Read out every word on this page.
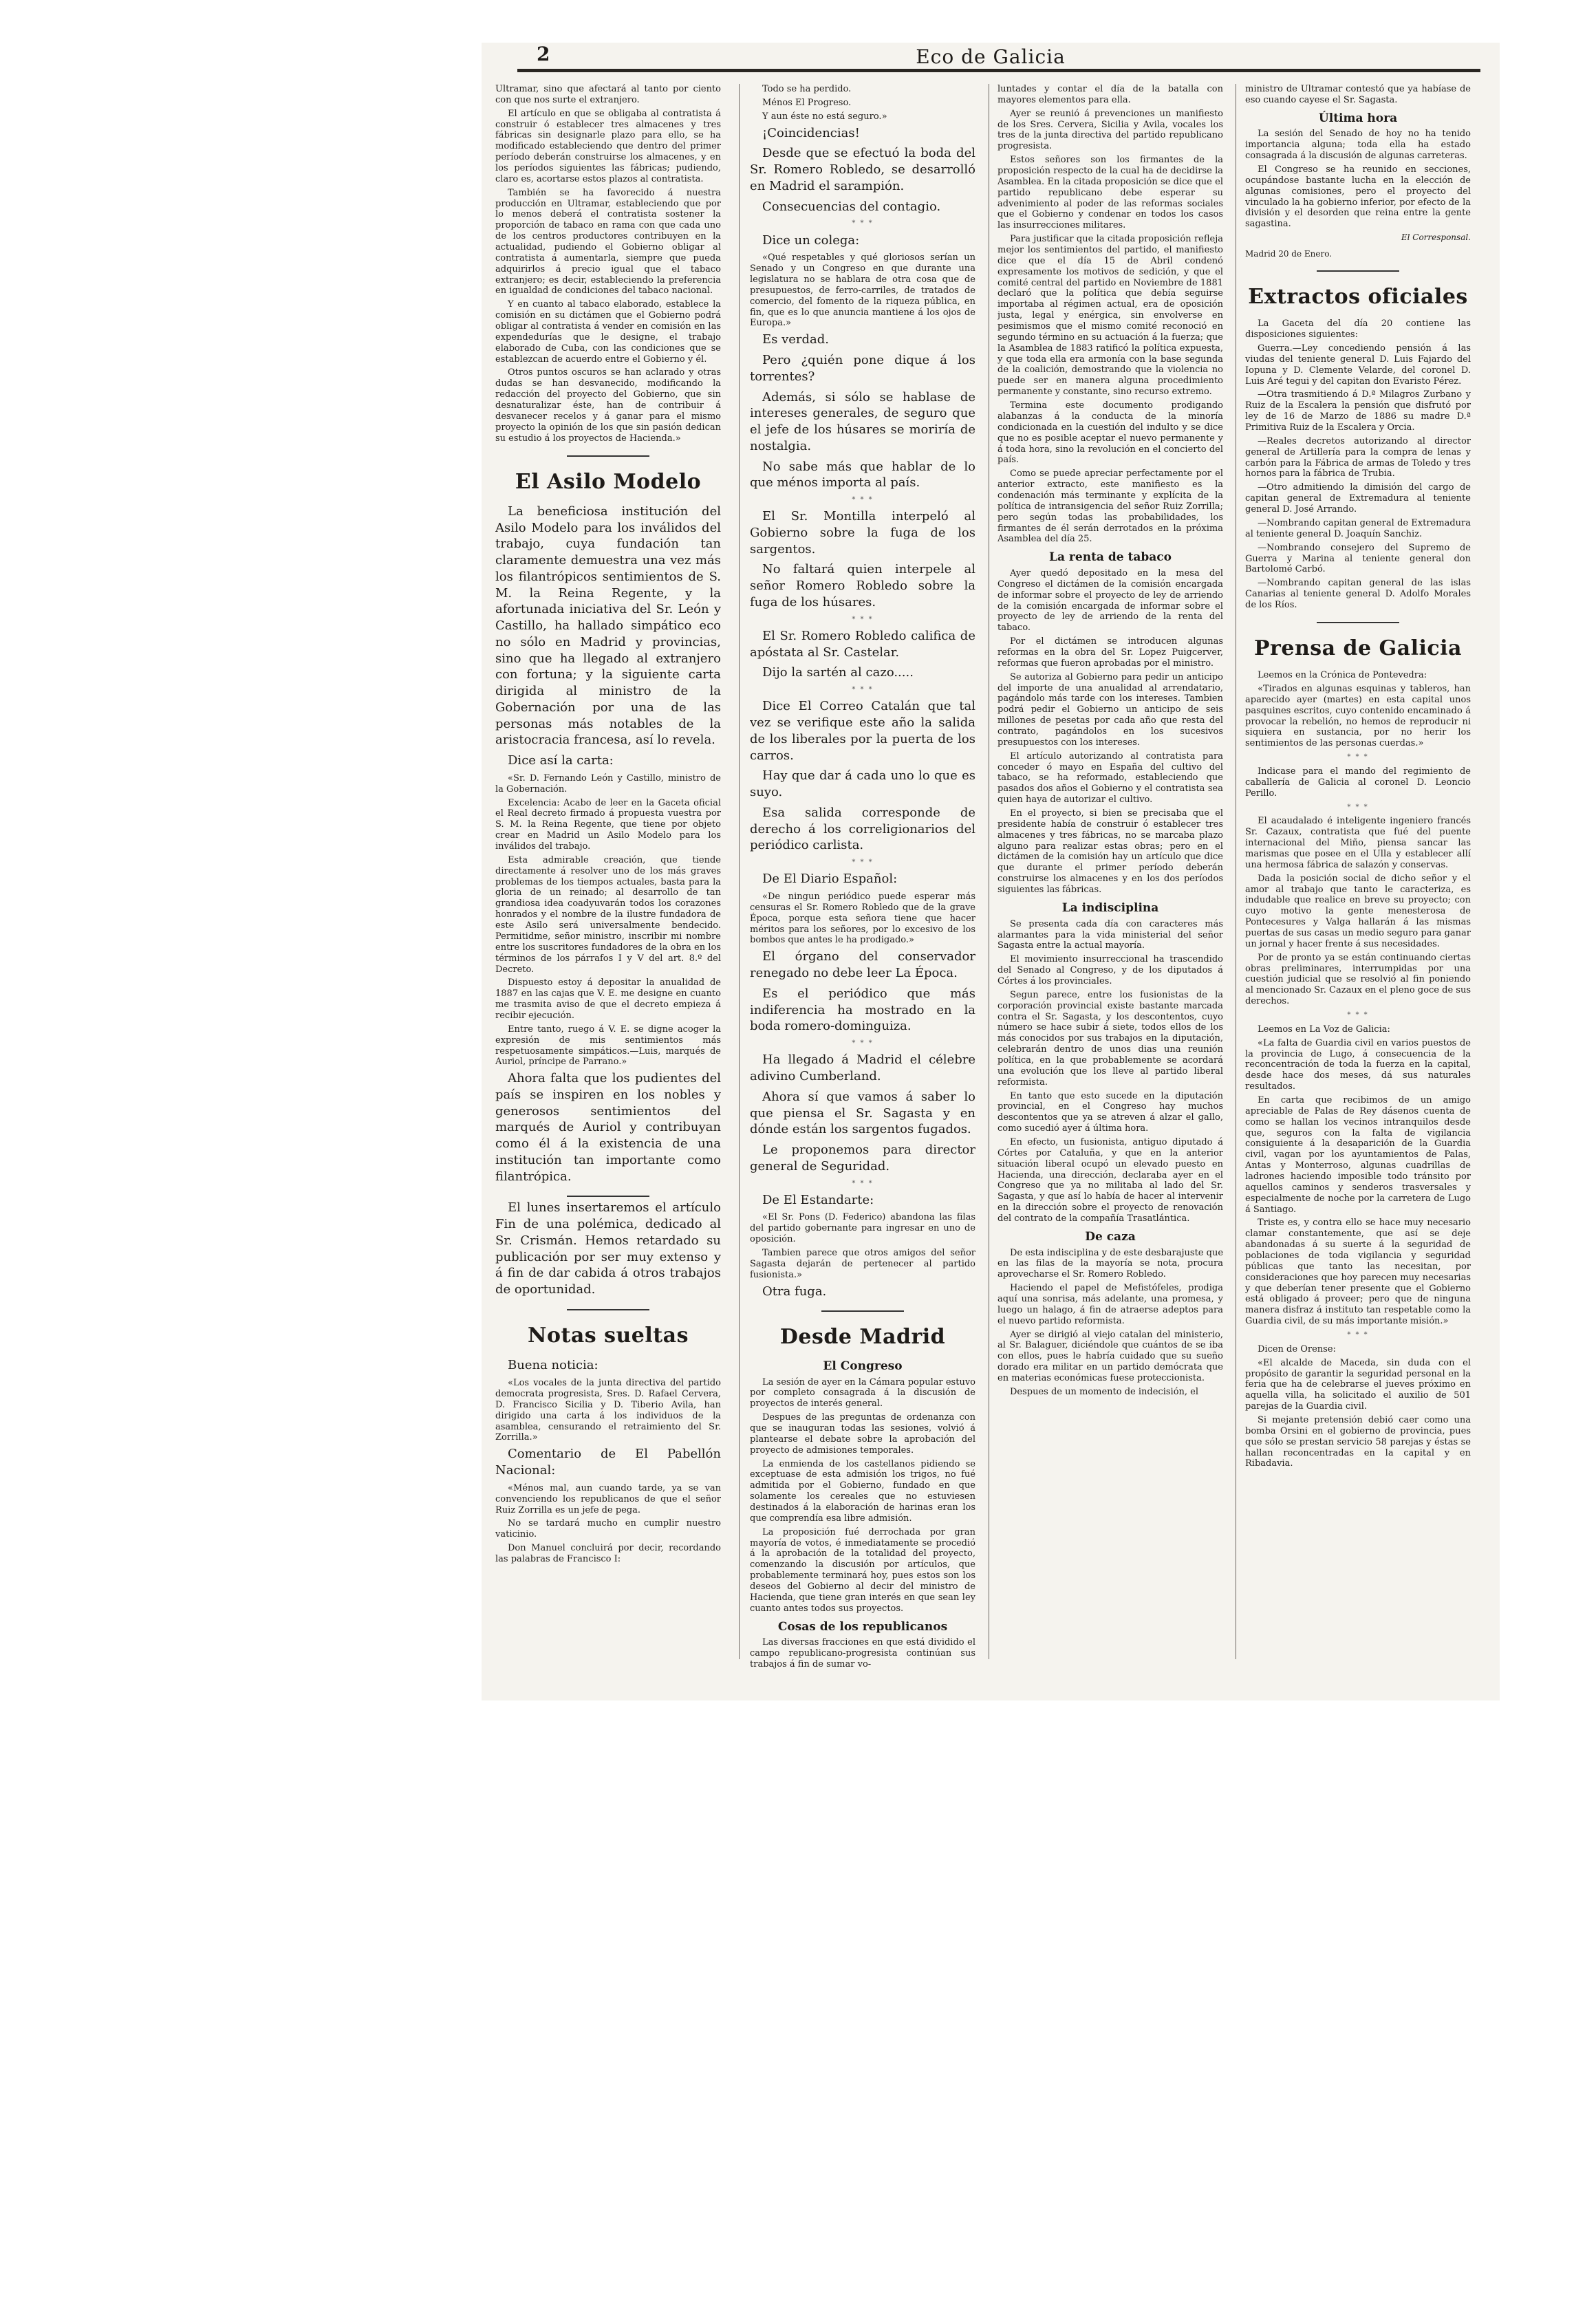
2	Eco de Galicia

Ultramar, sino que afectará al tanto por ciento con que nos surte el extranjero.

El artículo en que se obligaba al contratista á construir ó establecer tres almacenes y tres fábricas sin designarle plazo para ello, se ha modificado estableciendo que dentro del primer período deberán construirse los almacenes, y en los períodos siguientes las fábricas; pudiendo, claro es, acortarse estos plazos al contratista.

También se ha favorecido á nuestra producción en Ultramar, estableciendo que por lo menos deberá el contratista sostener la proporción de tabaco en rama con que cada uno de los centros productores contribuyen en la actualidad, pudiendo el Gobierno obligar al contratista á aumentarla, siempre que pueda adquirirlos á precio igual que el tabaco extranjero; es decir, estableciendo la preferencia en igualdad de condiciones del tabaco nacional.

Y en cuanto al tabaco elaborado, establece la comisión en su dictámen que el Gobierno podrá obligar al contratista á vender en comisión en las expendedurías que le designe, el trabajo elaborado de Cuba, con las condiciones que se establezcan de acuerdo entre el Gobierno y él.

Otros puntos oscuros se han aclarado y otras dudas se han desvanecido, modificando la redacción del proyecto del Gobierno, que sin desnaturalizar éste, han de contribuir á desvanecer recelos y á ganar para el mismo proyecto la opinión de los que sin pasión dedican su estudio á los proyectos de Hacienda.»

El Asilo Modelo

La beneficiosa institución del Asilo Modelo para los inválidos del trabajo, cuya fundación tan claramente demuestra una vez más los filantrópicos sentimientos de S. M. la Reina Regente, y la afortunada iniciativa del Sr. León y Castillo, ha hallado simpático eco no sólo en Madrid y provincias, sino que ha llegado al extranjero con fortuna; y la siguiente carta dirigida al ministro de la Gobernación por una de las personas más notables de la aristocracia francesa, así lo revela.

Dice así la carta:

«Sr. D. Fernando León y Castillo, ministro de la Gobernación.

Excelencia: Acabo de leer en la Gaceta oficial el Real decreto firmado á propuesta vuestra por S. M. la Reina Regente, que tiene por objeto crear en Madrid un Asilo Modelo para los inválidos del trabajo.

Esta admirable creación, que tiende directamente á resolver uno de los más graves problemas de los tiempos actuales, basta para la gloria de un reinado; al desarrollo de tan grandiosa idea coadyuvarán todos los corazones honrados y el nombre de la ilustre fundadora de este Asilo será universalmente bendecido. Permitidme, señor ministro, inscribir mi nombre entre los suscritores fundadores de la obra en los términos de los párrafos I y V del art. 8.º del Decreto.

Dispuesto estoy á depositar la anualidad de 1887 en las cajas que V. E. me designe en cuanto me trasmita aviso de que el decreto empieza á recibir ejecución.

Entre tanto, ruego á V. E. se digne acoger la expresión de mis sentimientos más respetuosamente simpáticos.—Luis, marqués de Auriol, príncipe de Parrano.»

Ahora falta que los pudientes del país se inspiren en los nobles y generosos sentimientos del marqués de Auriol y contribuyan como él á la existencia de una institución tan importante como filantrópica.

El lunes insertaremos el artículo Fin de una polémica, dedicado al Sr. Crismán. Hemos retardado su publicación por ser muy extenso y á fin de dar cabida á otros trabajos de oportunidad.

Notas sueltas

Buena noticia:

«Los vocales de la junta directiva del partido democrata progresista, Sres. D. Rafael Cervera, D. Francisco Sicilia y D. Tiberio Avila, han dirigido una carta á los individuos de la asamblea, censurando el retraimiento del Sr. Zorrilla.»

Comentario de El Pabellón Nacional:

«Ménos mal, aun cuando tarde, ya se van convenciendo los republicanos de que el señor Ruiz Zorrilla es un jefe de pega.

No se tardará mucho en cumplir nuestro vaticinio.

Don Manuel concluirá por decir, recordando las palabras de Francisco I:

Todo se ha perdido.

Ménos El Progreso.

Y aun éste no está seguro.»

¡Coincidencias!

Desde que se efectuó la boda del Sr. Romero Robledo, se desarrolló en Madrid el sarampión.

Consecuencias del contagio.

* * *

Dice un colega:

«Qué respetables y qué gloriosos serían un Senado y un Congreso en que durante una legislatura no se hablara de otra cosa que de presupuestos, de ferro-carriles, de tratados de comercio, del fomento de la riqueza pública, en fin, que es lo que anuncia mantiene á los ojos de Europa.»

Es verdad.

Pero ¿quién pone dique á los torrentes?

Además, si sólo se hablase de intereses generales, de seguro que el jefe de los húsares se moriría de nostalgia.

No sabe más que hablar de lo que ménos importa al país.

* * *

El Sr. Montilla interpeló al Gobierno sobre la fuga de los sargentos.

No faltará quien interpele al señor Romero Robledo sobre la fuga de los húsares.

* * *

El Sr. Romero Robledo califica de apóstata al Sr. Castelar.

Dijo la sartén al cazo.....

* * *

Dice El Correo Catalán que tal vez se verifique este año la salida de los liberales por la puerta de los carros.

Hay que dar á cada uno lo que es suyo.

Esa salida corresponde de derecho á los correligionarios del periódico carlista.

* * *

De El Diario Español:

«De ningun periódico puede esperar más censuras el Sr. Romero Robledo que de la grave Época, porque esta señora tiene que hacer méritos para los señores, por lo excesivo de los bombos que antes le ha prodigado.»

El órgano del conservador renegado no debe leer La Época.

Es el periódico que más indiferencia ha mostrado en la boda romero-dominguiza.

* * *

Ha llegado á Madrid el célebre adivino Cumberland.

Ahora sí que vamos á saber lo que piensa el Sr. Sagasta y en dónde están los sargentos fugados.

Le proponemos para director general de Seguridad.

* * *

De El Estandarte:

«El Sr. Pons (D. Federico) abandona las filas del partido gobernante para ingresar en uno de oposición.

Tambien parece que otros amigos del señor Sagasta dejarán de pertenecer al partido fusionista.»

Otra fuga.

Desde Madrid
El Congreso

La sesión de ayer en la Cámara popular estuvo por completo consagrada á la discusión de proyectos de interés general.

Despues de las preguntas de ordenanza con que se inauguran todas las sesiones, volvió á plantearse el debate sobre la aprobación del proyecto de admisiones temporales.

La enmienda de los castellanos pidiendo se exceptuase de esta admisión los trigos, no fué admitida por el Gobierno, fundado en que solamente los cereales que no estuviesen destinados á la elaboración de harinas eran los que comprendía esa libre admisión.

La proposición fué derrochada por gran mayoría de votos, é inmediatamente se procedió á la aprobación de la totalidad del proyecto, comenzando la discusión por artículos, que probablemente terminará hoy, pues estos son los deseos del Gobierno al decir del ministro de Hacienda, que tiene gran interés en que sean ley cuanto antes todos sus proyectos.

Cosas de los republicanos

Las diversas fracciones en que está dividido el campo republicano-progresista continúan sus trabajos á fin de sumar vo-

luntades y contar el día de la batalla con mayores elementos para ella.

Ayer se reunió á prevenciones un manifiesto de los Sres. Cervera, Sicilia y Avila, vocales los tres de la junta directiva del partido republicano progresista.

Estos señores son los firmantes de la proposición respecto de la cual ha de decidirse la Asamblea. En la citada proposición se dice que el partido republicano debe esperar su advenimiento al poder de las reformas sociales que el Gobierno y condenar en todos los casos las insurrecciones militares.

Para justificar que la citada proposición refleja mejor los sentimientos del partido, el manifiesto dice que el día 15 de Abril condenó expresamente los motivos de sedición, y que el comité central del partido en Noviembre de 1881 declaró que la política que debía seguirse importaba al régimen actual, era de oposición justa, legal y enérgica, sin envolverse en pesimismos que el mismo comité reconoció en segundo término en su actuación á la fuerza; que la Asamblea de 1883 ratificó la política expuesta, y que toda ella era armonía con la base segunda de la coalición, demostrando que la violencia no puede ser en manera alguna procedimiento permanente y constante, sino recurso extremo.

Termina este documento prodigando alabanzas á la conducta de la minoría condicionada en la cuestión del indulto y se dice que no es posible aceptar el nuevo permanente y á toda hora, sino la revolución en el concierto del país.

Como se puede apreciar perfectamente por el anterior extracto, este manifiesto es la condenación más terminante y explícita de la política de intransigencia del señor Ruiz Zorrilla; pero según todas las probabilidades, los firmantes de él serán derrotados en la próxima Asamblea del día 25.

La renta de tabaco

Ayer quedó depositado en la mesa del Congreso el dictámen de la comisión encargada de informar sobre el proyecto de ley de arriendo de la comisión encargada de informar sobre el proyecto de ley de arriendo de la renta del tabaco.

Por el dictámen se introducen algunas reformas en la obra del Sr. Lopez Puigcerver, reformas que fueron aprobadas por el ministro.

Se autoriza al Gobierno para pedir un anticipo del importe de una anualidad al arrendatario, pagándolo más tarde con los intereses. Tambien podrá pedir el Gobierno un anticipo de seis millones de pesetas por cada año que resta del contrato, pagándolos en los sucesivos presupuestos con los intereses.

El artículo autorizando al contratista para conceder ó mayo en España del cultivo del tabaco, se ha reformado, estableciendo que pasados dos años el Gobierno y el contratista sea quien haya de autorizar el cultivo.

En el proyecto, si bien se precisaba que el presidente había de construir ó establecer tres almacenes y tres fábricas, no se marcaba plazo alguno para realizar estas obras; pero en el dictámen de la comisión hay un artículo que dice que durante el primer período deberán construirse los almacenes y en los dos períodos siguientes las fábricas.

La indisciplina

Se presenta cada día con caracteres más alarmantes para la vida ministerial del señor Sagasta entre la actual mayoría.

El movimiento insurreccional ha trascendido del Senado al Congreso, y de los diputados á Córtes á los provinciales.

Segun parece, entre los fusionistas de la corporación provincial existe bastante marcada contra el Sr. Sagasta, y los descontentos, cuyo número se hace subir á siete, todos ellos de los más conocidos por sus trabajos en la diputación, celebrarán dentro de unos dias una reunión política, en la que probablemente se acordará una evolución que los lleve al partido liberal reformista.

En tanto que esto sucede en la diputación provincial, en el Congreso hay muchos descontentos que ya se atreven á alzar el gallo, como sucedió ayer á última hora.

En efecto, un fusionista, antiguo diputado á Córtes por Cataluña, y que en la anterior situación liberal ocupó un elevado puesto en Hacienda, una dirección, declaraba ayer en el Congreso que ya no militaba al lado del Sr. Sagasta, y que así lo había de hacer al intervenir en la dirección sobre el proyecto de renovación del contrato de la compañía Trasatlántica.

De caza

De esta indisciplina y de este desbarajuste que en las filas de la mayoría se nota, procura aprovecharse el Sr. Romero Robledo.

Haciendo el papel de Mefistófeles, prodiga aquí una sonrisa, más adelante, una promesa, y luego un halago, á fin de atraerse adeptos para el nuevo partido reformista.

Ayer se dirigió al viejo catalan del ministerio, al Sr. Balaguer, diciéndole que cuántos de se iba con ellos, pues le habría cuidado que su sueño dorado era militar en un partido demócrata que en materias económicas fuese proteccionista.

Despues de un momento de indecisión, el

ministro de Ultramar contestó que ya habíase de eso cuando cayese el Sr. Sagasta.

Última hora

La sesión del Senado de hoy no ha tenido importancia alguna; toda ella ha estado consagrada á la discusión de algunas carreteras.

El Congreso se ha reunido en secciones, ocupándose bastante lucha en la elección de algunas comisiones, pero el proyecto del vinculado la ha gobierno inferior, por efecto de la división y el desorden que reina entre la gente sagastina.

El Corresponsal.

Madrid 20 de Enero.

Extractos oficiales

La Gaceta del día 20 contiene las disposiciones siguientes:

Guerra.—Ley concediendo pensión á las viudas del teniente general D. Luis Fajardo del Iopuna y D. Clemente Velarde, del coronel D. Luis Aré tegui y del capitan don Evaristo Pérez.

—Otra trasmitiendo á D.ª Milagros Zurbano y Ruiz de la Escalera la pensión que disfrutó por ley de 16 de Marzo de 1886 su madre D.ª Primitiva Ruiz de la Escalera y Orcia.

—Reales decretos autorizando al director general de Artillería para la compra de lenas y carbón para la Fábrica de armas de Toledo y tres hornos para la fábrica de Trubia.

—Otro admitiendo la dimisión del cargo de capitan general de Extremadura al teniente general D. José Arrando.

—Nombrando capitan general de Extremadura al teniente general D. Joaquín Sanchiz.

—Nombrando consejero del Supremo de Guerra y Marina al teniente general don Bartolomé Carbó.

—Nombrando capitan general de las islas Canarias al teniente general D. Adolfo Morales de los Ríos.

Prensa de Galicia

Leemos en la Crónica de Pontevedra:

«Tirados en algunas esquinas y tableros, han aparecido ayer (martes) en esta capital unos pasquines escritos, cuyo contenido encaminado á provocar la rebelión, no hemos de reproducir ni siquiera en sustancia, por no herir los sentimientos de las personas cuerdas.»

* * *

Indicase para el mando del regimiento de caballería de Galicia al coronel D. Leoncio Perillo.

* * *

El acaudalado é inteligente ingeniero francés Sr. Cazaux, contratista que fué del puente internacional del Miño, piensa sancar las marismas que posee en el Ulla y establecer allí una hermosa fábrica de salazón y conservas.

Dada la posición social de dicho señor y el amor al trabajo que tanto le caracteriza, es indudable que realice en breve su proyecto; con cuyo motivo la gente menesterosa de Pontecesures y Valga hallarán á las mismas puertas de sus casas un medio seguro para ganar un jornal y hacer frente á sus necesidades.

Por de pronto ya se están continuando ciertas obras preliminares, interrumpidas por una cuestión judicial que se resolvió al fin poniendo al mencionado Sr. Cazaux en el pleno goce de sus derechos.

* * *

Leemos en La Voz de Galicia:

«La falta de Guardia civil en varios puestos de la provincia de Lugo, á consecuencia de la reconcentración de toda la fuerza en la capital, desde hace dos meses, dá sus naturales resultados.

En carta que recibimos de un amigo apreciable de Palas de Rey dásenos cuenta de como se hallan los vecinos intranquilos desde que, seguros con la falta de vigilancia consiguiente á la desaparición de la Guardia civil, vagan por los ayuntamientos de Palas, Antas y Monterroso, algunas cuadrillas de ladrones haciendo imposible todo tránsito por aquellos caminos y senderos trasversales y especialmente de noche por la carretera de Lugo á Santiago.

Triste es, y contra ello se hace muy necesario clamar constantemente, que así se deje abandonadas á su suerte á la seguridad de poblaciones de toda vigilancia y seguridad públicas que tanto las necesitan, por consideraciones que hoy parecen muy necesarias y que deberían tener presente que el Gobierno está obligado á proveer; pero que de ninguna manera disfraz á instituto tan respetable como la Guardia civil, de su más importante misión.»

* * *

Dicen de Orense:

«El alcalde de Maceda, sin duda con el propósito de garantir la seguridad personal en la feria que ha de celebrarse el jueves próximo en aquella villa, ha solicitado el auxilio de 501 parejas de la Guardia civil.

Si mejante pretensión debió caer como una bomba Orsini en el gobierno de provincia, pues que sólo se prestan servicio 58 parejas y éstas se hallan reconcentradas en la capital y en Ribadavia.
